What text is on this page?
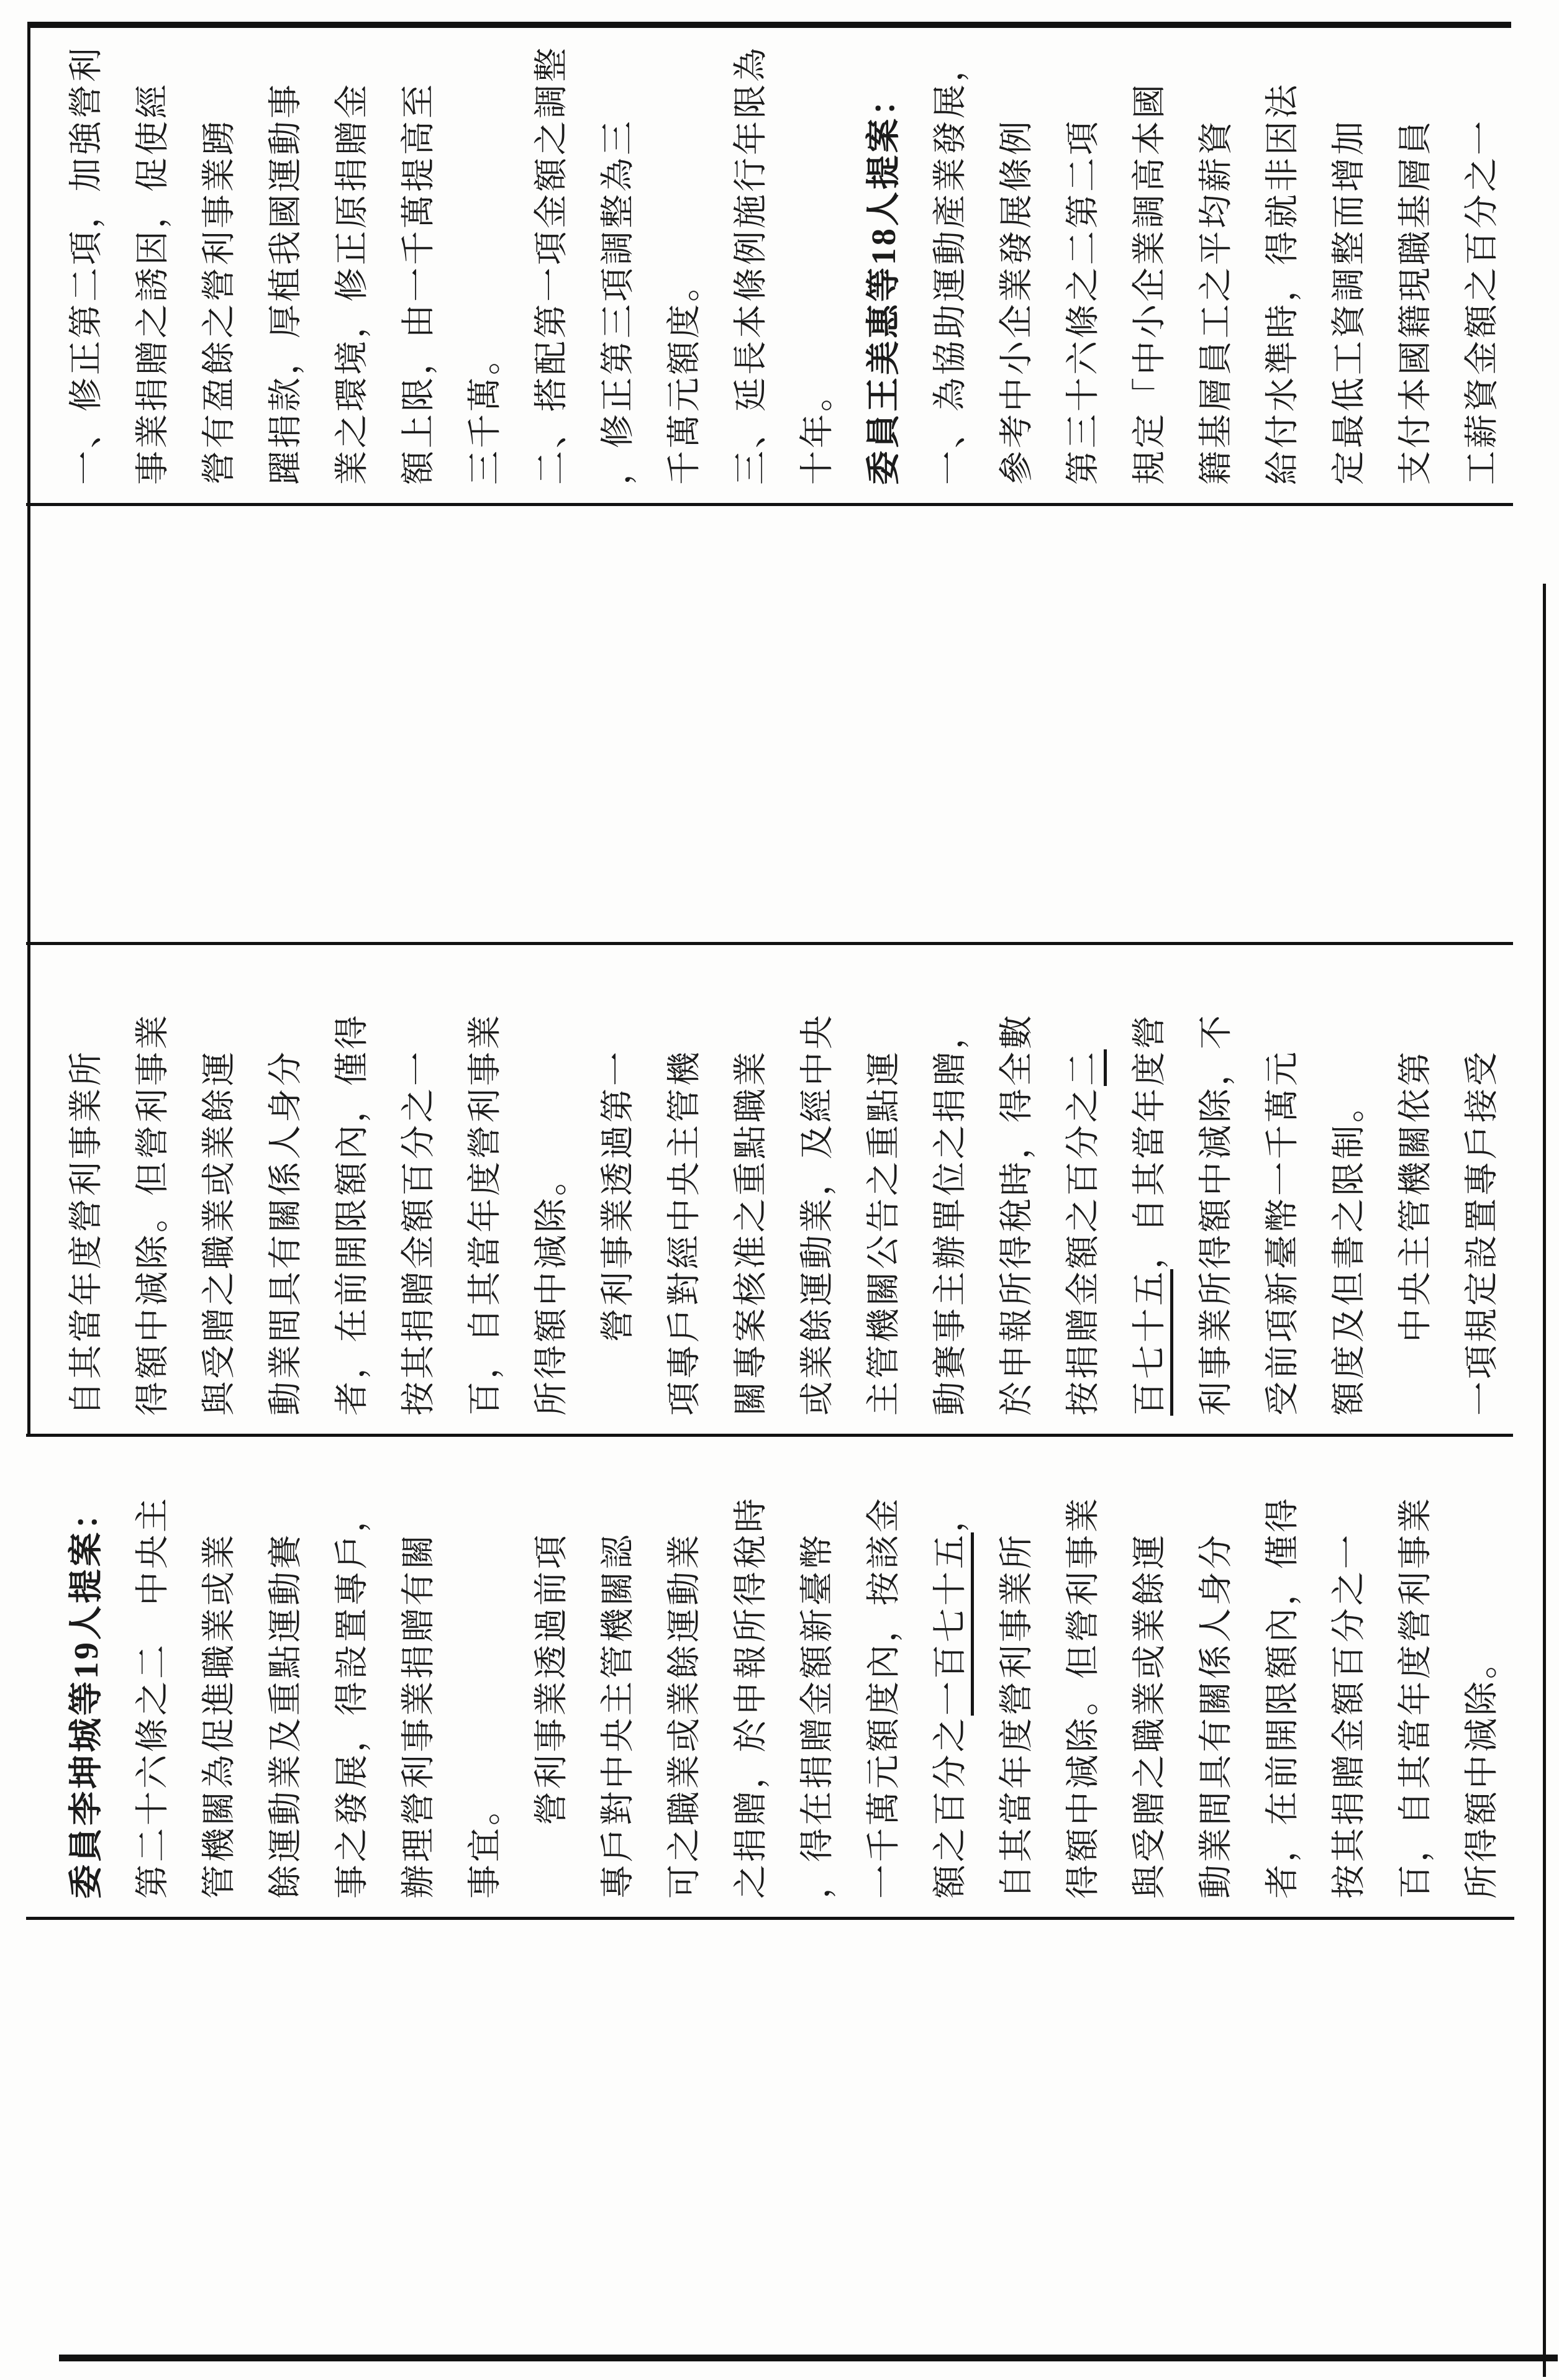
委員李坤城等19人提案： 第二十六條之二　中央主 管機關為促進職業或業 餘運動業及重點運動賽 事之發展，得設置專戶， 辦理營利事業捐贈有關 事宜。 　　營利事業透過前項 專戶對中央主管機關認 可之職業或業餘運動業 之捐贈，於申報所得稅時 ，得在捐贈金額新臺幣 一千萬元額度內，按該金 額之百分之一百七十五，
自其當年度營利事業所 得額中減除。但營利事業 與受贈之職業或業餘運 動業間具有關係人身分 者，在前開限額內，僅得 按其捐贈金額百分之一 百，自其當年度營利事業 所得額中減除。
自其當年度營利事業所 得額中減除。但營利事業 與受贈之職業或業餘運 動業間具有關係人身分 者，在前開限額內，僅得 按其捐贈金額百分之一 百，自其當年度營利事業 所得額中減除。 　　營利事業透過第一 項專戶對經中央主管機 關專案核准之重點職業 或業餘運動業，及經中央 主管機關公告之重點運 動賽事主辦單位之捐贈， 於申報所得稅時，得全數 按捐贈金額之百分之二
百七十五，自其當年度營 利事業所得額中減除，不 受前項新臺幣一千萬元 額度及但書之限制。 　　中央主管機關依第 一項規定設置專戶接受
一、修正第二項，加強營利 事業捐贈之誘因，促使經 營有盈餘之營利事業踴 躍捐款，厚植我國運動事 業之環境，修正原捐贈金 額上限，由一千萬提高至 三千萬。 二、搭配第一項金額之調整 ，修正第三項調整為三 千萬元額度。 三、延長本條例施行年限為 十年。 委員王美惠等18人提案： 一、為協助運動產業發展， 參考中小企業發展條例 第三十六條之二第二項 規定「中小企業調高本國 籍基層員工之平均薪資 給付水準時，得就非因法 定最低工資調整而增加 支付本國籍現職基層員 工薪資金額之百分之一
